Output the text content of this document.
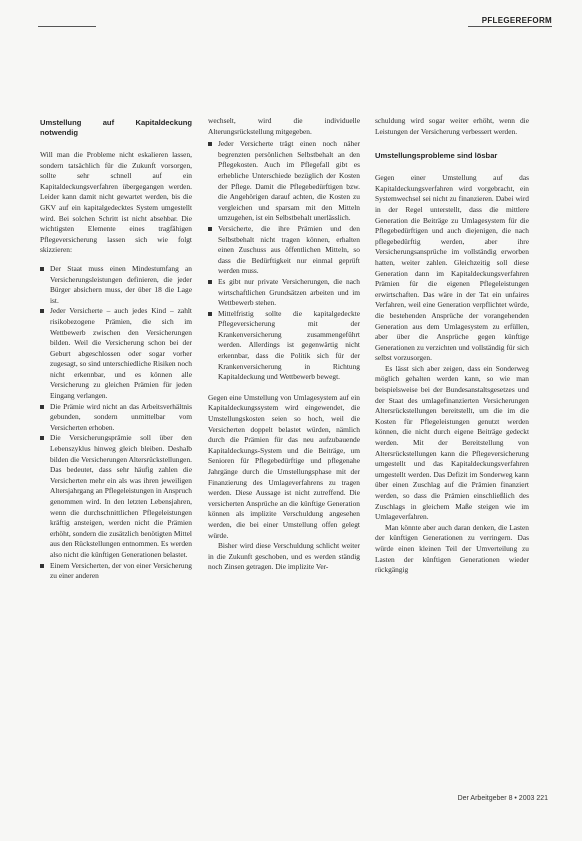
PFLEGEREFORM
Umstellung auf Kapitaldeckung notwendig

Will man die Probleme nicht eskalieren lassen, sondern tatsächlich für die Zukunft vorsorgen, sollte sehr schnell auf ein Kapitaldeckungsverfahren übergegangen werden. Leider kann damit nicht gewartet werden, bis die GKV auf ein kapitalgedecktes System umgestellt wird. Bei solchen Schritt ist nicht absehbar. Die wichtigsten Elemente eines tragfähigen Pflegeversicherung lassen sich wie folgt skizzieren:

Der Staat muss einen Mindestumfang an Versicherungsleistungen definieren, die jeder Bürger absichern muss, der über 18 die Lage ist.
Jeder Versicherte – auch jedes Kind – zahlt risikobezogene Prämien, die sich im Wettbewerb zwischen den Versicherungen bilden. Weil die Versicherung schon bei der Geburt abgeschlossen oder sogar vorher zugesagt, so sind unterschiedliche Risiken noch nicht erkennbar, und es können alle Versicherung zu gleichen Prämien für jeden Eingang verlangen.
Die Prämie wird nicht an das Arbeitsverhältnis gebunden, sondern unmittelbar vom Versicherten erhoben.
Die Versicherungsprämie soll über den Lebenszyklus hinweg gleich bleiben. Deshalb bilden die Versicherungen Altersrückstellungen. Das bedeutet, dass sehr häufig zahlen die Versicherten mehr ein als was ihren jeweiligen Altersjahrgang an Pflegeleistungen in Anspruch genommen wird. In den letzten Lebensjahren, wenn die durchschnittlichen Pflegeleistungen kräftig ansteigen, werden nicht die Prämien erhöht, sondern die zusätzlich benötigten Mittel aus den Rückstellungen entnommen. Es werden also nicht die künftigen Generationen belastet.
Einem Versicherten, der von einer Versicherung zu einer anderen

wechselt, wird die individuelle Alterungsrückstellung mitgegeben.

Jeder Versicherte trägt einen noch näher begrenzten persönlichen Selbstbehalt an den Pflegekosten. Auch im Pflegefall gibt es erhebliche Unterschiede bezüglich der Kosten der Pflege. Damit die Pflegebedürftigen bzw. die Angehörigen darauf achten, die Kosten zu vergleichen und sparsam mit den Mitteln umzugehen, ist ein Selbstbehalt unerlässlich.
Versicherte, die ihre Prämien und den Selbstbehalt nicht tragen können, erhalten einen Zuschuss aus öffentlichen Mitteln, so dass die Bedürftigkeit nur einmal geprüft werden muss.
Es gibt nur private Versicherungen, die nach wirtschaftlichen Grundsätzen arbeiten und im Wettbewerb stehen.
Mittelfristig sollte die kapitalgedeckte Pflegeversicherung mit der Krankenversicherung zusammengeführt werden. Allerdings ist gegenwärtig nicht erkennbar, dass die Politik sich für der Krankenversicherung in Richtung Kapitaldeckung und Wettbewerb bewegt.

Gegen eine Umstellung von Umlagesystem auf ein Kapitaldeckungssystem wird eingewendet, die Umstellungskosten seien so hoch, weil die Versicherten doppelt belastet würden, nämlich durch die Prämien für das neu aufzubauende Kapitaldeckungs-System und die Beiträge, um Senioren für Pflegebedürftige und pflegenahe Jahrgänge durch die Umstellungsphase mit der Finanzierung des Umlageverfahrens zu tragen werden. Diese Aussage ist nicht zutreffend. Die versicherten Ansprüche an die künftige Generation können als implizite Verschuldung angesehen werden, die bei einer Umstellung offen gelegt würde.

Bisher wird diese Verschuldung schlicht weiter in die Zukunft geschoben, und es werden ständig noch Zinsen getragen. Die implizite Ver-

schuldung wird sogar weiter erhöht, wenn die Leistungen der Versicherung verbessert werden.

Umstellungsprobleme sind lösbar

Gegen einer Umstellung auf das Kapitaldeckungsverfahren wird vorgebracht, ein Systemwechsel sei nicht zu finanzieren. Dabei wird in der Regel unterstellt, dass die mittlere Generation die Beiträge zu Umlagesystem für die Pflegebedürftigen und auch diejenigen, die nach pflegebedürftig werden, aber ihre Versicherungsansprüche im vollständig erworben hatten, weiter zahlen. Gleichzeitig soll diese Generation dann im Kapitaldeckungsverfahren Prämien für die eigenen Pflegeleistungen erwirtschaften. Das wäre in der Tat ein unfaires Verfahren, weil eine Generation verpflichtet würde, die bestehenden Ansprüche der vorangehenden Generation aus dem Umlagesystem zu erfüllen, aber über die Ansprüche gegen künftige Generationen zu verzichten und vollständig für sich selbst vorzusorgen.

Es lässt sich aber zeigen, dass ein Sonderweg möglich gehalten werden kann, so wie man beispielsweise bei der Bundesanstaltsgesetzes und der Staat des umlagefinanzierten Versicherungen Altersrückstellungen bereitstellt, um die im die Kosten für Pflegeleistungen genutzt werden können, die nicht durch eigene Beiträge gedeckt werden. Mit der Bereitstellung von Altersrückstellungen kann die Pflegeversicherung umgestellt und das Kapitaldeckungsverfahren umgestellt werden. Das Defizit im Sonderweg kann über einen Zuschlag auf die Prämien finanziert werden, so dass die Prämien einschließlich des Zuschlags in gleichem Maße steigen wie im Umlageverfahren.

Man könnte aber auch daran denken, die Lasten der künftigen Generationen zu verringern. Das würde einen kleinen Teil der Umverteilung zu Lasten der künftigen Generationen wieder rückgängig

Der Arbeitgeber 8 • 2003 221
